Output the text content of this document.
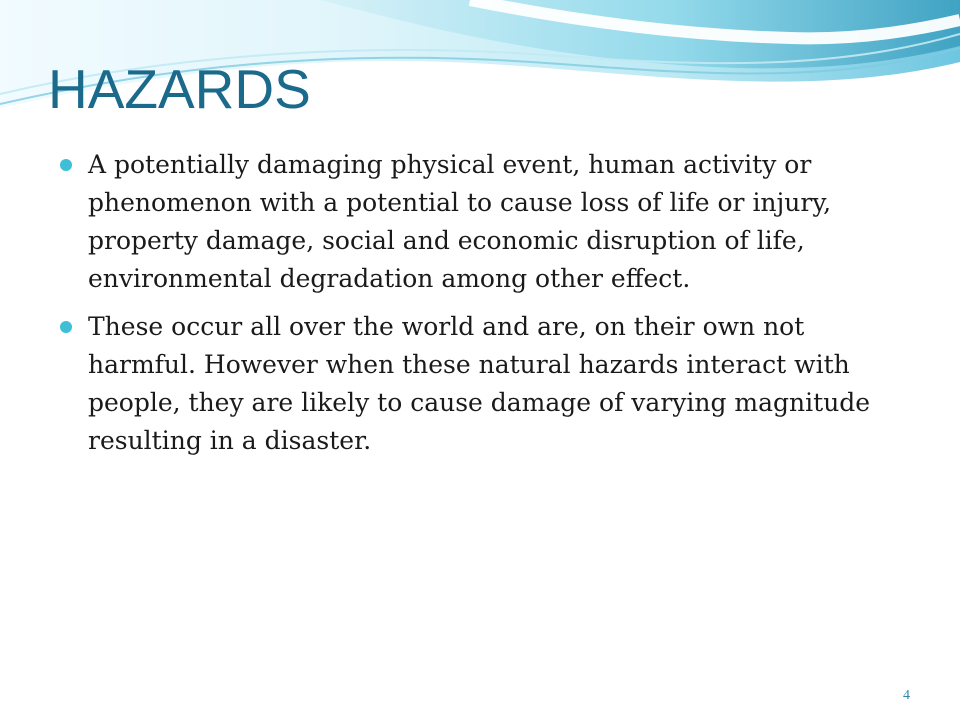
HAZARDS
A potentially damaging physical event, human activity or phenomenon with a potential to cause loss of life or injury, property damage, social and economic disruption of life, environmental degradation among other effect.
These occur all over the world and are, on their own not harmful. However when these natural hazards interact with people, they are likely to cause damage of varying magnitude resulting in a disaster.
4
